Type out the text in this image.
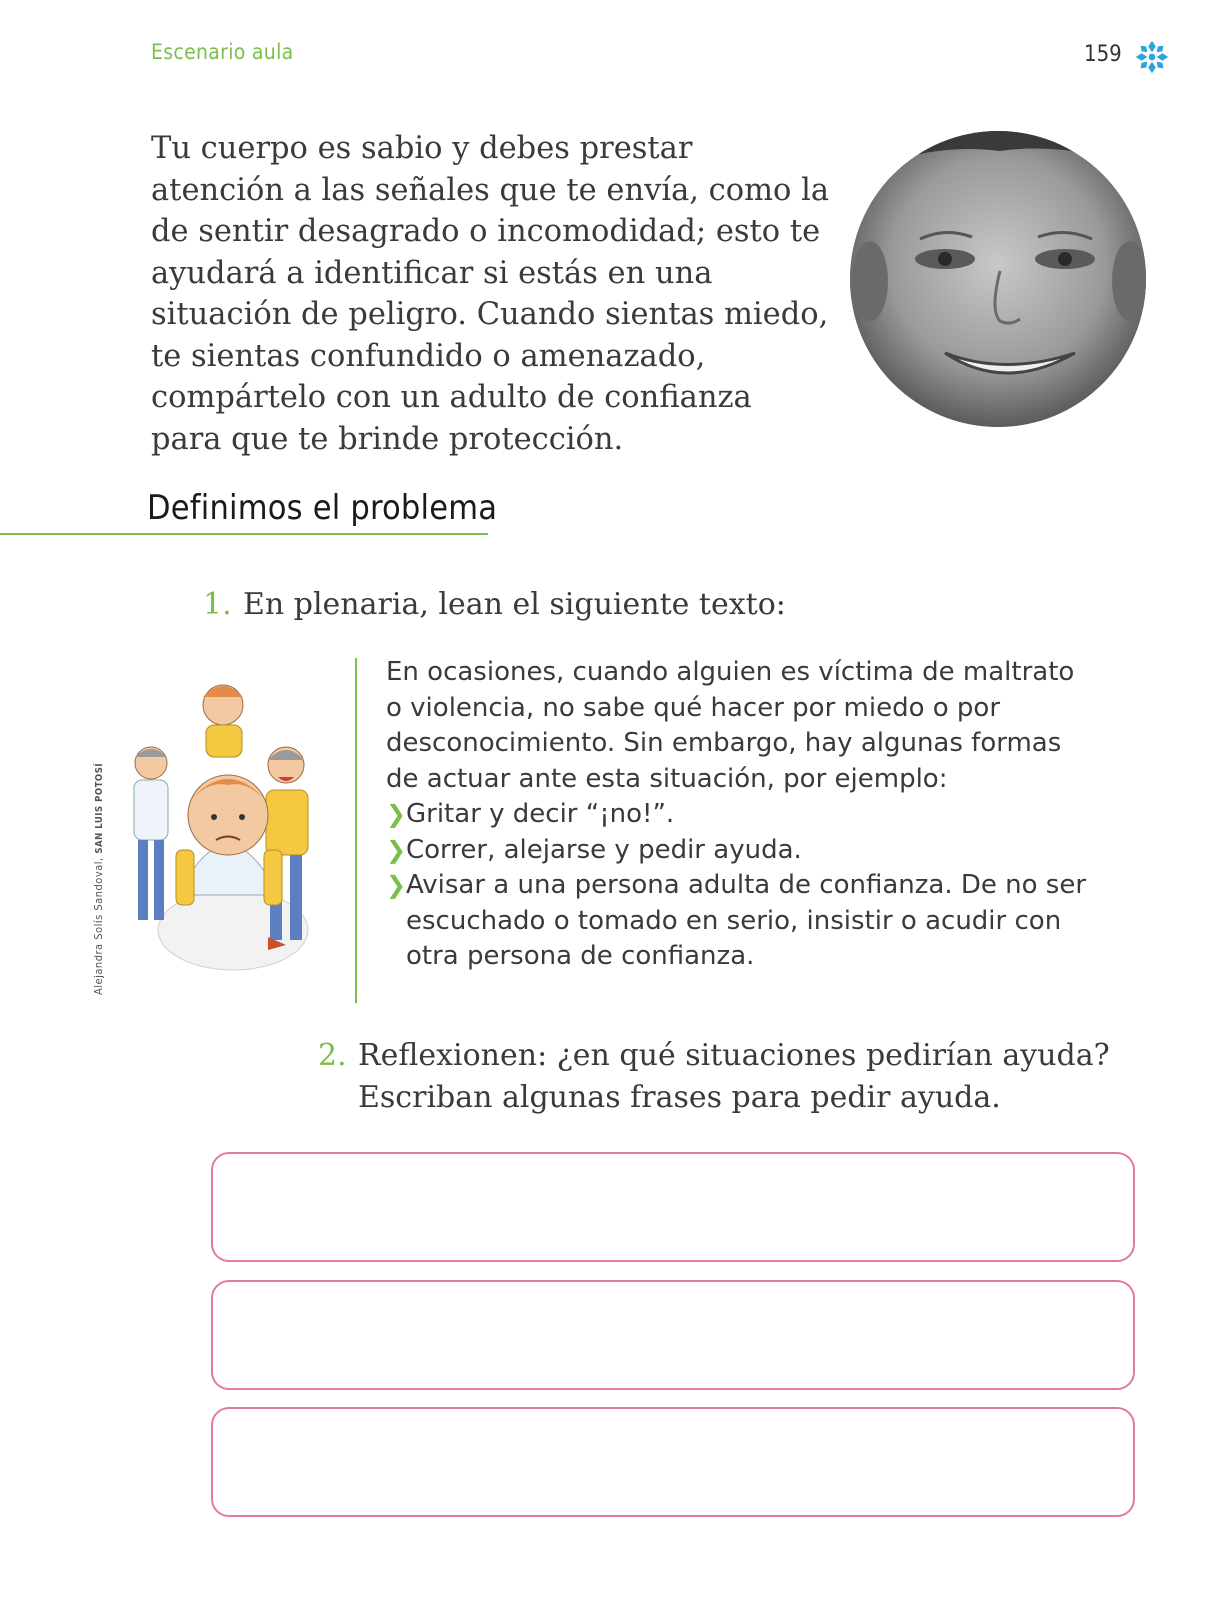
Escenario aula	159

Tu cuerpo es sabio y debes prestar atención a las señales que te envía, como la de sentir desagrado o incomodidad; esto te ayudará a identificar si estás en una situación de peligro. Cuando sientas miedo, te sientas confundido o amenazado, compártelo con un adulto de confianza para que te brinde protección.

Definimos el problema
1. En plenaria, lean el siguiente texto:
Alejandra Solís Sandoval, SAN LUIS POTOSÍ

En ocasiones, cuando alguien es víctima de maltrato o violencia, no sabe qué hacer por miedo o por desconocimiento. Sin embargo, hay algunas formas de actuar ante esta situación, por ejemplo:

❯ Gritar y decir “¡no!”.
❯ Correr, alejarse y pedir ayuda.
❯ Avisar a una persona adulta de confianza. De no ser escuchado o tomado en serio, insistir o acudir con otra persona de confianza.
2. Reflexionen: ¿en qué situaciones pedirían ayuda? Escriban algunas frases para pedir ayuda.
